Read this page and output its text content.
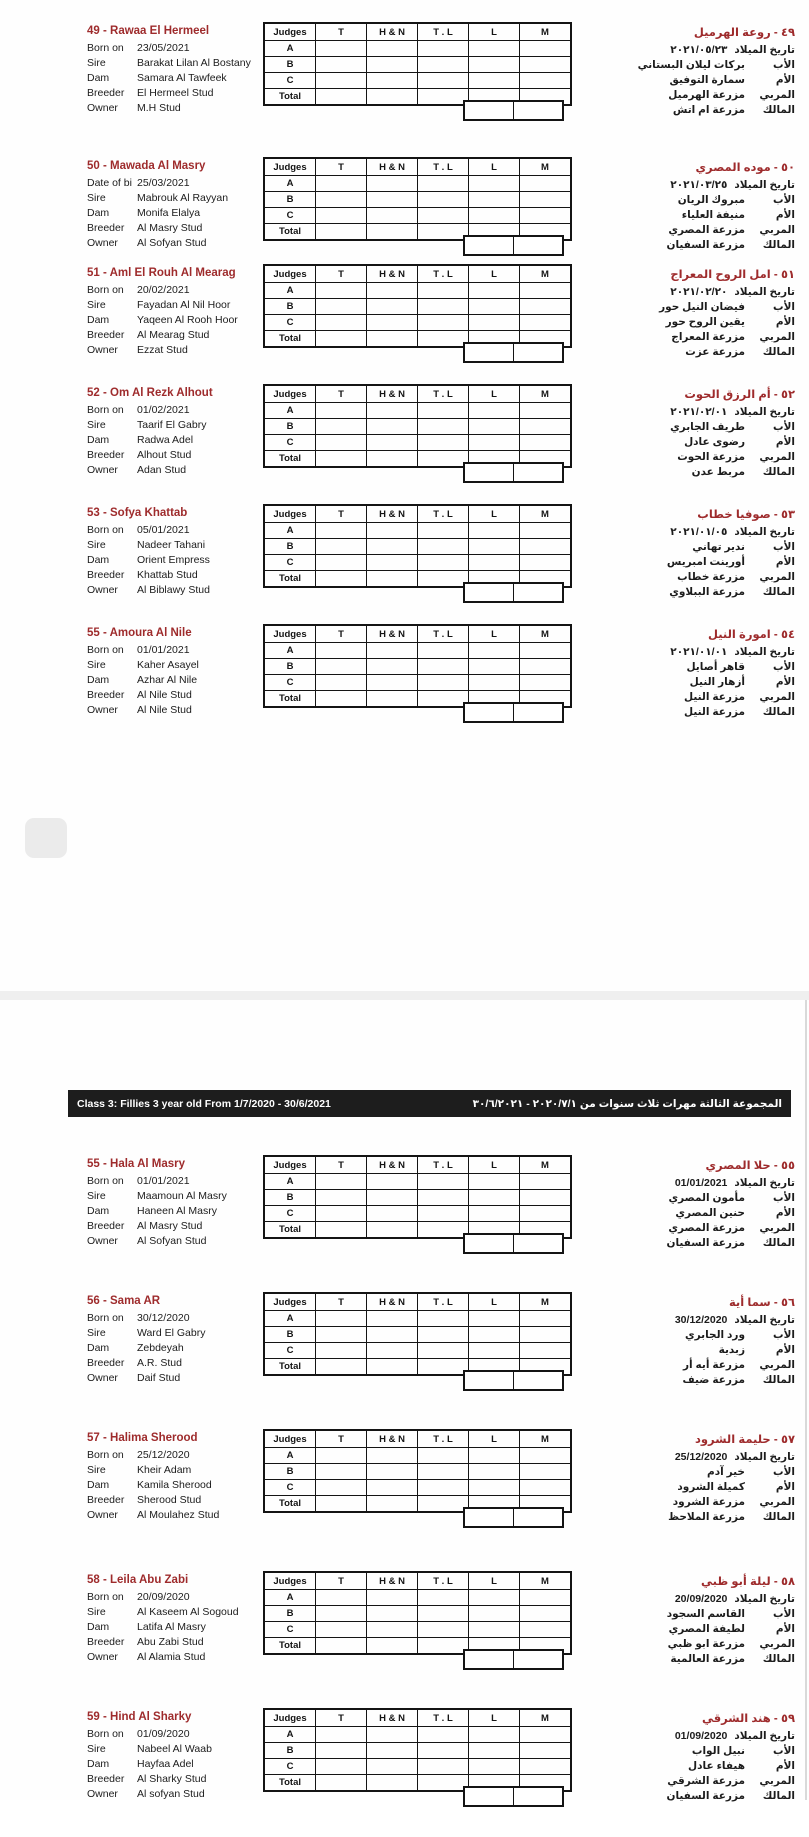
Class 3: Fillies 3 year old From 1/7/2020 - 30/6/2021	المجموعة الثالثة مهرات ثلاث سنوات من ٢٠٢٠/٧/١ - ٣٠/٦/٢٠٢١
49 - Rawaa El Hermeel
Born on	23/05/2021
Sire	Barakat Lilan Al Bostany
Dam	Samara Al Tawfeek
Breeder	El Hermeel Stud
Owner	M.H Stud
Judges	T	H & N	T . L	L	M
A					
B					
C					
Total					

٤٩ - روعة الهرميل
تاريخ الميلاد
٢٠٢١/٠٥/٢٣
الأب
بركات ليلان البستاني
الأم
سمارة التوفيق
المربي
مزرعة الهرميل
المالك
مزرعة ام اتش
50 - Mawada Al Masry
Date of bi 25/03/2021
Sire	Mabrouk Al Rayyan
Dam	Monifa Elalya
Breeder	Al Masry Stud
Owner	Al Sofyan Stud
Judges	T	H & N	T . L	L	M
A					
B					
C					
Total					

٥٠ - موده المصري
تاريخ الميلاد
٢٠٢١/٠٣/٢٥
الأب
مبروك الريان
الأم
منيفة العلياء
المربي
مزرعة المصري
المالك
مزرعة السفيان
51 - Aml El Rouh Al Mearag
Born on	20/02/2021
Sire	Fayadan Al Nil Hoor
Dam	Yaqeen Al Rooh Hoor
Breeder	Al Mearag Stud
Owner	Ezzat Stud
Judges	T	H & N	T . L	L	M
A					
B					
C					
Total					

٥١ - امل الروح المعراج
تاريخ الميلاد
٢٠٢١/٠٢/٢٠
الأب
فيضان النيل حور
الأم
يقين الروح حور
المربي
مزرعة المعراج
المالك
مزرعة عزت
52 - Om Al Rezk Alhout
Born on	01/02/2021
Sire	Taarif El Gabry
Dam	Radwa Adel
Breeder	Alhout Stud
Owner	Adan Stud
Judges	T	H & N	T . L	L	M
A					
B					
C					
Total					

٥٢ - أم الرزق الحوت
تاريخ الميلاد
٢٠٢١/٠٢/٠١
الأب
طريف الجابري
الأم
رضوى عادل
المربي
مزرعة الحوت
المالك
مربط عدن
53 - Sofya Khattab
Born on	05/01/2021
Sire	Nadeer Tahani
Dam	Orient Empress
Breeder	Khattab Stud
Owner	Al Biblawy Stud
Judges	T	H & N	T . L	L	M
A					
B					
C					
Total					

٥٣ - صوفيا خطاب
تاريخ الميلاد
٢٠٢١/٠١/٠٥
الأب
ندير تهاني
الأم
أورينت امبريس
المربي
مزرعة خطاب
المالك
مزرعة الببلاوي
55 - Amoura Al Nile
Born on	01/01/2021
Sire	Kaher Asayel
Dam	Azhar Al Nile
Breeder	Al Nile Stud
Owner	Al Nile Stud
Judges	T	H & N	T . L	L	M
A					
B					
C					
Total					

٥٤ - امورة النيل
تاريخ الميلاد
٢٠٢١/٠١/٠١
الأب
قاهر أصايل
الأم
أزهار النيل
المربي
مزرعة النيل
المالك
مزرعة النيل
55 - Hala Al Masry
Born on	01/01/2021
Sire	Maamoun Al Masry
Dam	Haneen Al Masry
Breeder	Al Masry Stud
Owner	Al Sofyan Stud
Judges	T	H & N	T . L	L	M
A					
B					
C					
Total					

٥٥ - حلا المصري
تاريخ الميلاد
01/01/2021
الأب
مأمون المصري
الأم
حنين المصري
المربي
مزرعة المصري
المالك
مزرعة السفيان
56 - Sama AR
Born on	30/12/2020
Sire	Ward El Gabry
Dam	Zebdeyah
Breeder	A.R. Stud
Owner	Daif Stud
Judges	T	H & N	T . L	L	M
A					
B					
C					
Total					

٥٦ - سما أية
تاريخ الميلاد
30/12/2020
الأب
ورد الجابري
الأم
زبدية
المربي
مزرعة أيه أر
المالك
مزرعة ضيف
57 - Halima Sherood
Born on	25/12/2020
Sire	Kheir Adam
Dam	Kamila Sherood
Breeder	Sherood Stud
Owner	Al Moulahez Stud
Judges	T	H & N	T . L	L	M
A					
B					
C					
Total					

٥٧ - حليمة الشرود
تاريخ الميلاد
25/12/2020
الأب
خير آدم
الأم
كميلة الشرود
المربي
مزرعة الشرود
المالك
مزرعة الملاحظ
58 - Leila Abu Zabi
Born on	20/09/2020
Sire	Al Kaseem Al Sogoud
Dam	Latifa Al Masry
Breeder	Abu Zabi Stud
Owner	Al Alamia Stud
Judges	T	H & N	T . L	L	M
A					
B					
C					
Total					

٥٨ - ليلة أبو ظبي
تاريخ الميلاد
20/09/2020
الأب
القاسم السجود
الأم
لطيفة المصري
المربي
مزرعة ابو ظبي
المالك
مزرعة العالمية
59 - Hind Al Sharky
Born on	01/09/2020
Sire	Nabeel Al Waab
Dam	Hayfaa Adel
Breeder	Al Sharky Stud
Owner	Al sofyan Stud
Judges	T	H & N	T . L	L	M
A					
B					
C					
Total					

٥٩ - هند الشرقي
تاريخ الميلاد
01/09/2020
الأب
نبيل الواب
الأم
هيفاء عادل
المربي
مزرعة الشرقي
المالك
مزرعة السفيان
